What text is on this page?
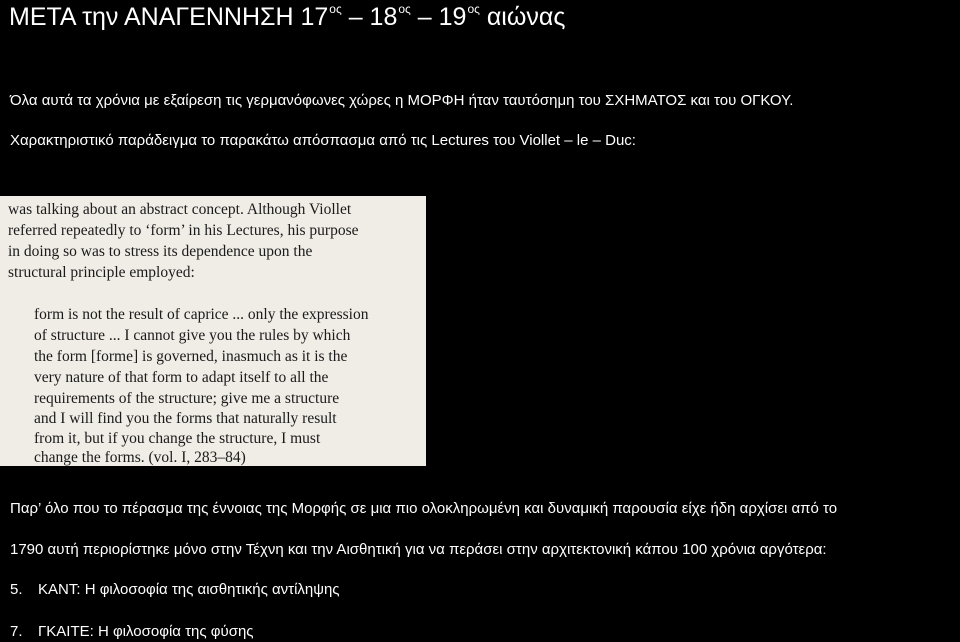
ΜΕΤΑ την ΑΝΑΓΕΝΝΗΣΗ $17^{o\varsigma} - 18^{o\varsigma} - 19^{o\varsigma}$ αιώνας
Όλα αυτά τα χρόνια με εξαίρεση τις γερμανόφωνες χώρες η ΜΟΡΦΗ ήταν ταυτόσημη του ΣΧΗΜΑΤΟΣ και του ΟΓΚΟΥ.
Χαρακτηριστικό παράδειγμα το παρακάτω απόσπασμα από τις Lectures του Viollet – le – Duc:
was talking about an abstract concept. Although Viollet
referred repeatedly to ‘form’ in his Lectures, his purpose
in doing so was to stress its dependence upon the
structural principle employed:
form is not the result of caprice ... only the expression
of structure ... I cannot give you the rules by which
the form [forme] is governed, inasmuch as it is the
very nature of that form to adapt itself to all the
requirements of the structure; give me a structure
and I will find you the forms that naturally result
from it, but if you change the structure, I must
change the forms. (vol. I, 283–84)
Παρ’ όλο που το πέρασμα της έννοιας της Μορφής σε μια πιο ολοκληρωμένη και δυναμική παρουσία είχε ήδη αρχίσει από το
1790 αυτή περιορίστηκε μόνο στην Τέχνη και την Αισθητική για να περάσει στην αρχιτεκτονική κάπου 100 χρόνια αργότερα:
5. ΚΑΝΤ: Η φιλοσοφία της αισθητικής αντίληψης
7. ΓΚΑΙΤΕ: Η φιλοσοφία της φύσης
